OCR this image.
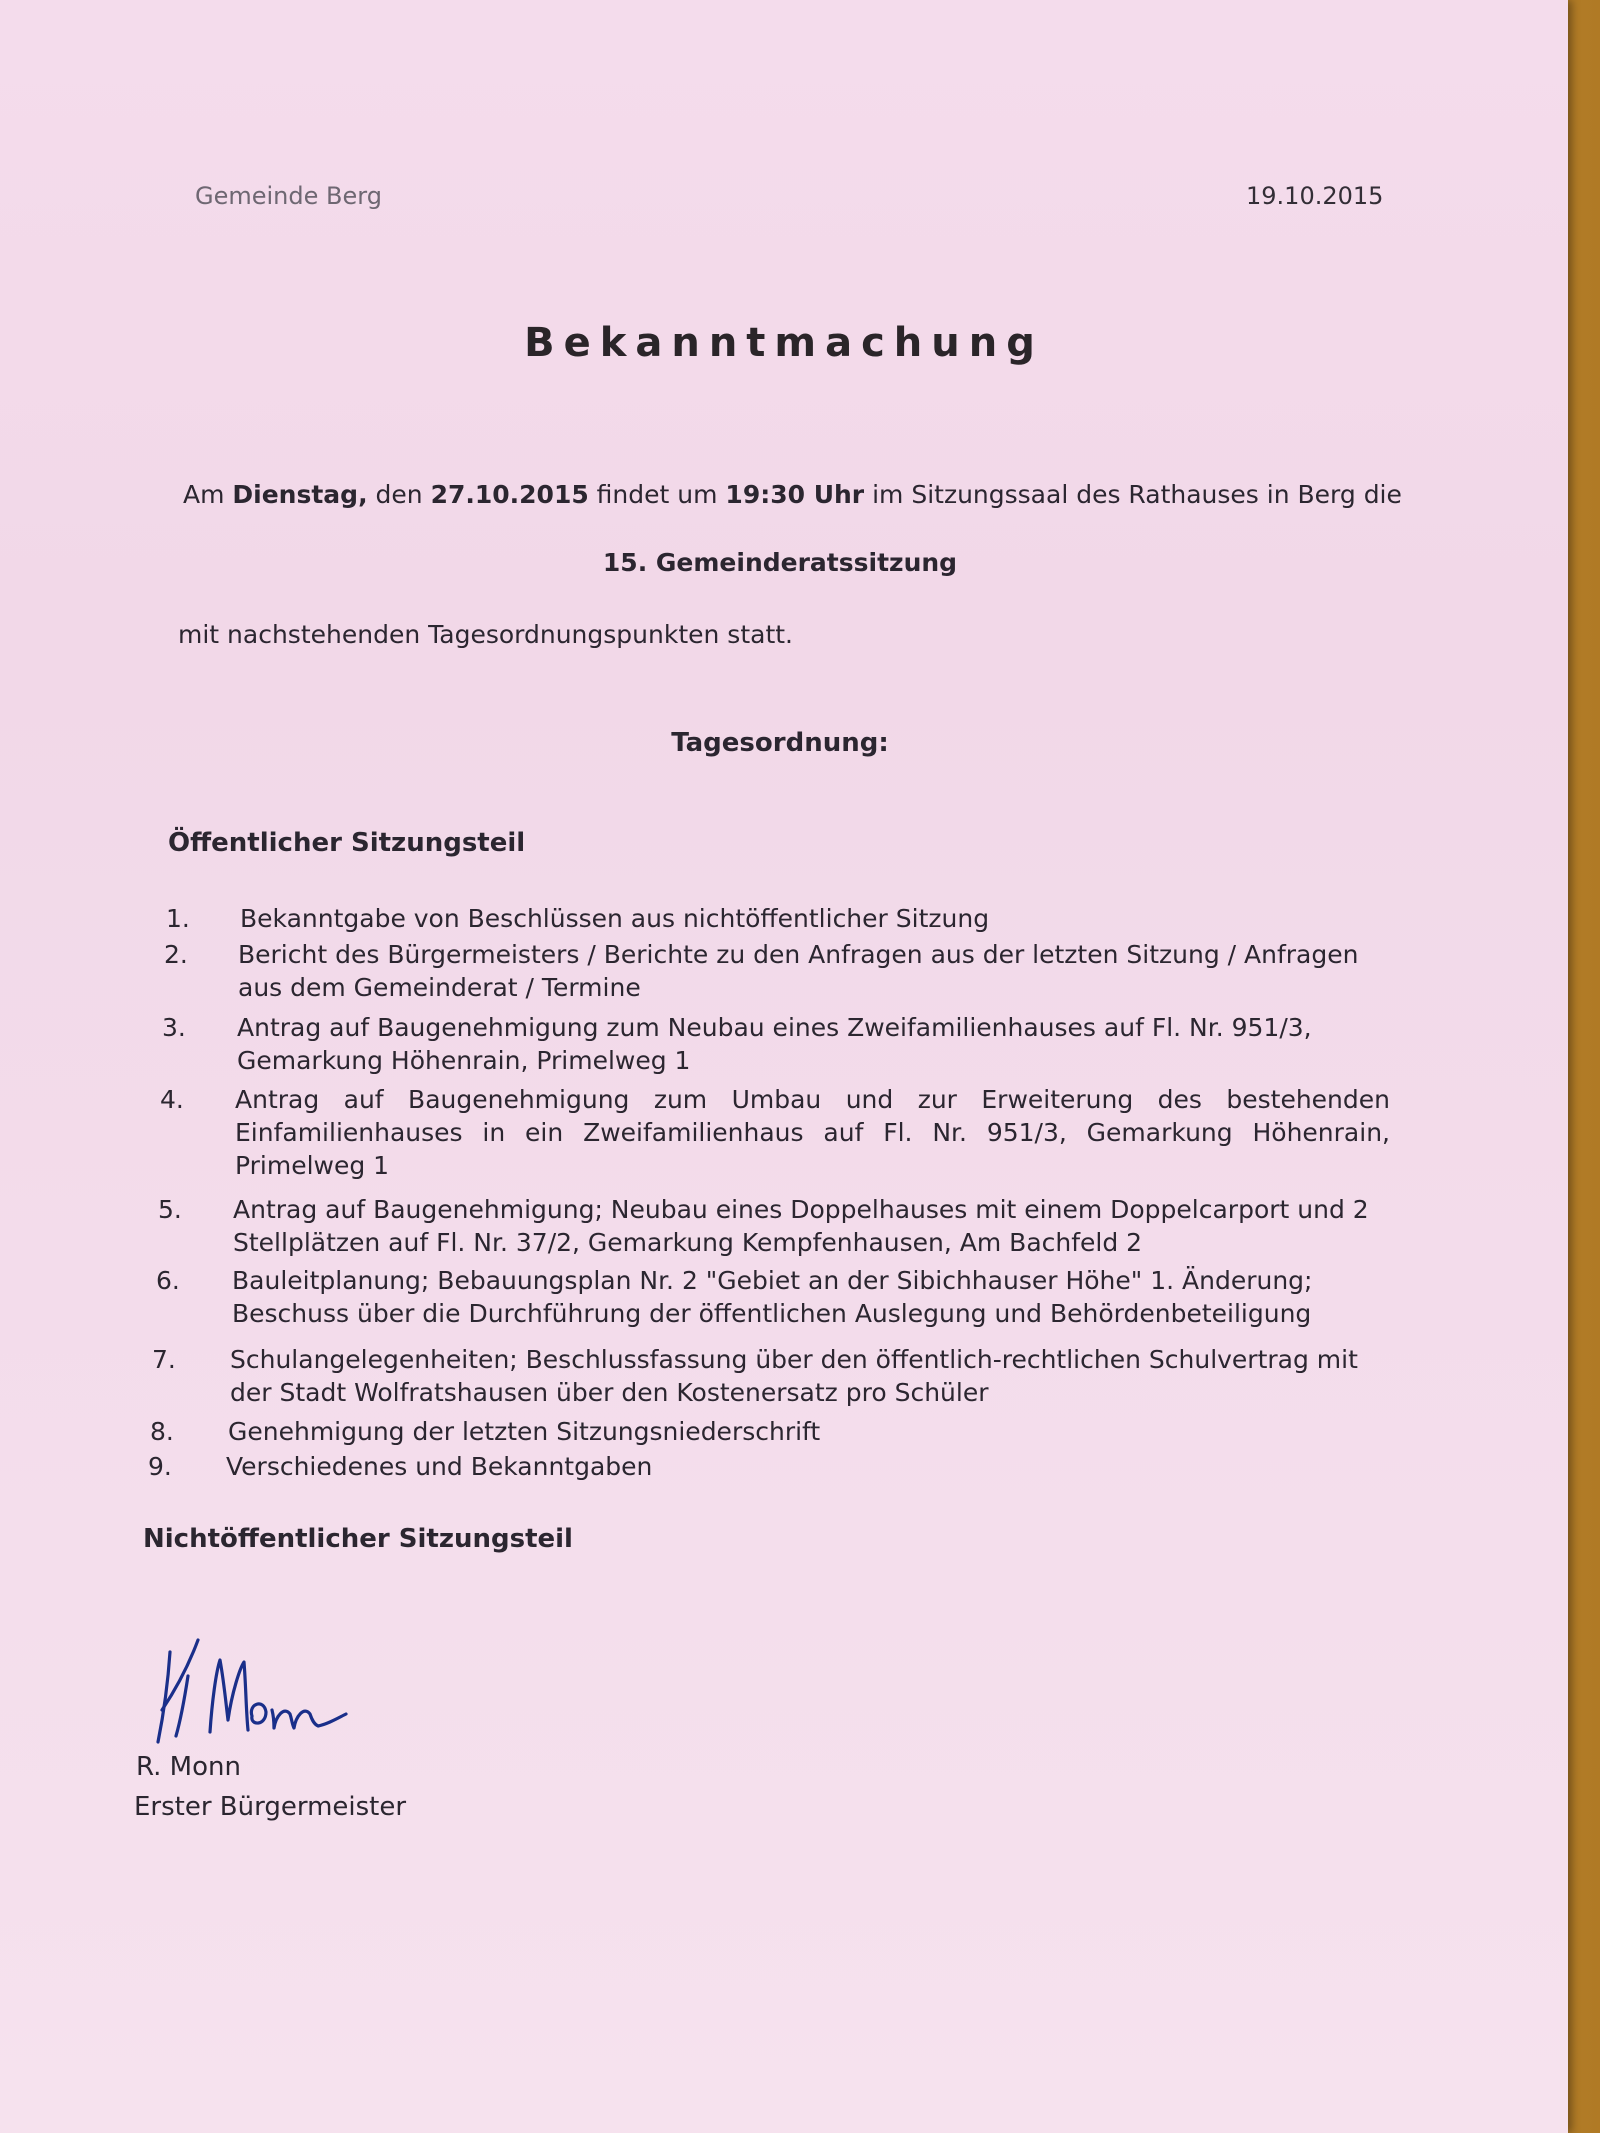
Gemeinde Berg	19.10.2015
Bekanntmachung
Am Dienstag, den 27.10.2015 findet um 19:30 Uhr im Sitzungssaal des Rathauses in Berg die
15. Gemeinderatssitzung
mit nachstehenden Tagesordnungspunkten statt.
Tagesordnung:
Öffentlicher Sitzungsteil
1. Bekanntgabe von Beschlüssen aus nichtöffentlicher Sitzung
2. Bericht des Bürgermeisters / Berichte zu den Anfragen aus der letzten Sitzung / Anfragen aus dem Gemeinderat / Termine
3. Antrag auf Baugenehmigung zum Neubau eines Zweifamilienhauses auf Fl. Nr. 951/3, Gemarkung Höhenrain, Primelweg 1
4. Antrag auf Baugenehmigung zum Umbau und zur Erweiterung des bestehenden Einfamilienhauses in ein Zweifamilienhaus auf Fl. Nr. 951/3, Gemarkung Höhenrain, Primelweg 1
5. Antrag auf Baugenehmigung; Neubau eines Doppelhauses mit einem Doppelcarport und 2 Stellplätzen auf Fl. Nr. 37/2, Gemarkung Kempfenhausen, Am Bachfeld 2
6. Bauleitplanung; Bebauungsplan Nr. 2 "Gebiet an der Sibichhauser Höhe" 1. Änderung; Beschuss über die Durchführung der öffentlichen Auslegung und Behördenbeteiligung
7. Schulangelegenheiten; Beschlussfassung über den öffentlich-rechtlichen Schulvertrag mit der Stadt Wolfratshausen über den Kostenersatz pro Schüler
8. Genehmigung der letzten Sitzungsniederschrift
9. Verschiedenes und Bekanntgaben
Nichtöffentlicher Sitzungsteil
R. Monn
Erster Bürgermeister
